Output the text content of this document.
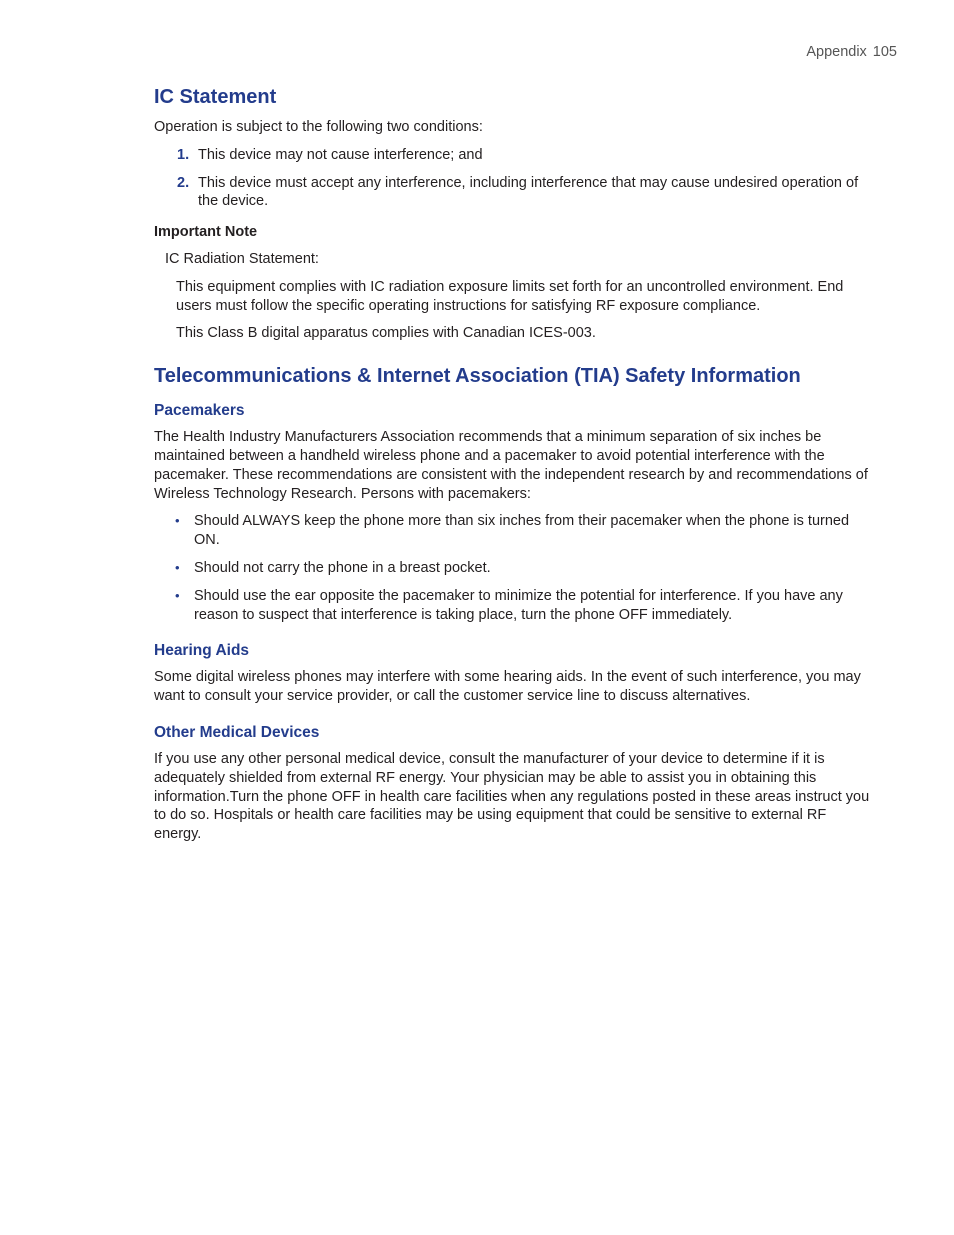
Appendix 105
IC Statement

Operation is subject to the following two conditions:

1. This device may not cause interference; and
2. This device must accept any interference, including interference that may cause undesired operation of the device.
Important Note

IC Radiation Statement:

This equipment complies with IC radiation exposure limits set forth for an uncontrolled environment. End users must follow the specific operating instructions for satisfying RF exposure compliance.

This Class B digital apparatus complies with Canadian ICES-003.

Telecommunications & Internet Association (TIA) Safety Information
Pacemakers

The Health Industry Manufacturers Association recommends that a minimum separation of six inches be maintained between a handheld wireless phone and a pacemaker to avoid potential interference with the pacemaker. These recommendations are consistent with the independent research by and recommendations of Wireless Technology Research. Persons with pacemakers:

• Should ALWAYS keep the phone more than six inches from their pacemaker when the phone is turned ON.
• Should not carry the phone in a breast pocket.
• Should use the ear opposite the pacemaker to minimize the potential for interference. If you have any reason to suspect that interference is taking place, turn the phone OFF immediately.
Hearing Aids

Some digital wireless phones may interfere with some hearing aids. In the event of such interference, you may want to consult your service provider, or call the customer service line to discuss alternatives.

Other Medical Devices

If you use any other personal medical device, consult the manufacturer of your device to determine if it is adequately shielded from external RF energy. Your physician may be able to assist you in obtaining this information.Turn the phone OFF in health care facilities when any regulations posted in these areas instruct you to do so. Hospitals or health care facilities may be using equipment that could be sensitive to external RF energy.
